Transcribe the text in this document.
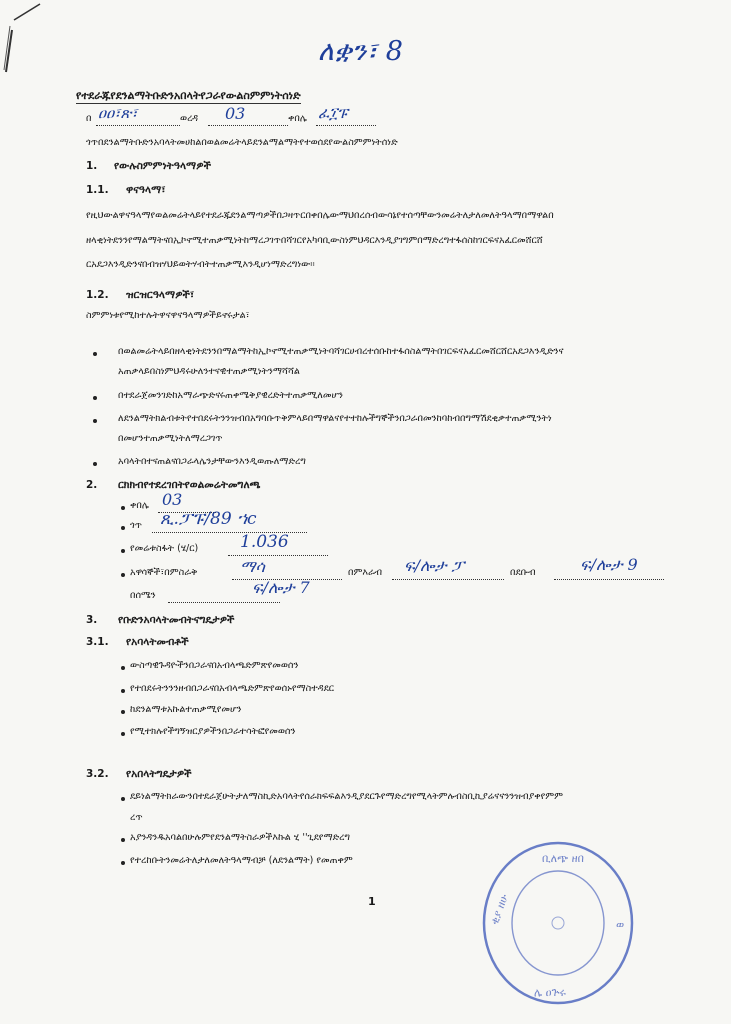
ለቋን፣ 8
የተደራጁየደንልማትቡድንአበላትየጋራየውልስምምነትሰነድ
በ ዐዐ፣ጽ፣	ወረዳ 03	ቀበሌ ፈ፲ፑ
ጎጥበደንልማትቡድንአባላትመሀከልበወልመሬትላይደንልማልማትየተወሰደየውልስምምነትሰነድ
1. የውሉስምምነትዓላማዎች
1.1. ዋናዓላማ፣
የዚህውልዋናዓላማየወልመሬትላይየተደራጁደንልማጣዎችበጋዛጥርበቀበሌውማህበረሰብውሳኔየተሰጣቸውንመሬትለታለመለትዓላማበማዋልበ
ዘላቂነትደንንየማልማትናበኢኮኖሚተጠቃሚነትከማረጋገጥበሻገርየአካባቢውስነምህዳርእንዲያገግምበማድረግተፋሰስከገርፍናአፈርመሸርሸ
ርአደጋእንዲድንናበብዝሃህይወትሃብትተጠቃሚእንዲሆነማድረግነው።
1.2. ዝርዝርዓላማዎች፣
ስምምነቱየሚከተሉትዋናዋናዓላማዎችይኖሩታል፣
በወልመሬትላይበዘላቂነትደንንበማልማትከኢኮኖሚተጠቃሚነትባሻገርሀብረተሰቡከተፋሰስልማትበገርፍናአፈርመሸርሸርአደጋእንዲድንና
አጠቃላይበስነምህዳሩሁለንተናዊተጠቃሚነትንማሻሻል
በተደራጀመንገድከአማራጭድናሩጠቀሜቅያዊረድትተጠቃሚለመሆን
ለደንልማትክልብቱትየተበደሩትንንዝብበአግባቡጥቅምላይበማዋልናየተተከሉችግኞችንበጋራበመንከባከብበግማሽደቂቃተጠቃሚንትነ
በመሆንተጠቃሚነትለማረጋገጥ
አባላትበተናጠልናበጋራላሌንታቸውንእንዲወጡለማድረግ
2. ርክክብየተደረገበትየወልመሬትመግለጫ
ቀበሌ 03
ጎጥ ጺ.ፓፑ/89 ኀc
የመሬቱስፋት (ሄ/ር) 1.036
አዋሳኞች፣በምስራቅ	ማሳ	በምእራብ ፍ/ሎታ ፓ	በደቡብ	ፍ/ሎታ 9
በሰሜን	ፍ/ሎታ 7
3. የቡድንአባላትመብትናግዴታዎች
3.1. የአባላትመብቶች
ውስጣዊጉዳዮችንበጋራናበአብላጫድምጽየመወሰን
የተበደሩትንንንዘብበጋራናበአብላጫድምጽየወሰኑየማስተዳደር
ከደንልማቱአኩልተጠቃሚየመሆን
የሚተክሉየችግኝዝርያዎችንበጋራተሳትፎየመወሰን
3.2. የአበላትግዴታዎች
ደይነልማትክራውንበተደራጀሁትታለማስኪድአባላትየሰራክፍፍልእንዲያደርጉየማድረግየሚላትምሉብስቢኪያሬናናንንዝብያቀየምም
ረጥ
አያንዳንዱአባልበሁሉምየደንልማትስራዎችእኩል ሂ ''ጊደየማድረግ
የተረከቡትንመሬትለታለመለትዓላማብቻ (ለደንልማት) የመጠቀም
1
ቢለጭ ዘበ
ቂያ ዘሁ	ወ
ሌ ዐጕሩ
